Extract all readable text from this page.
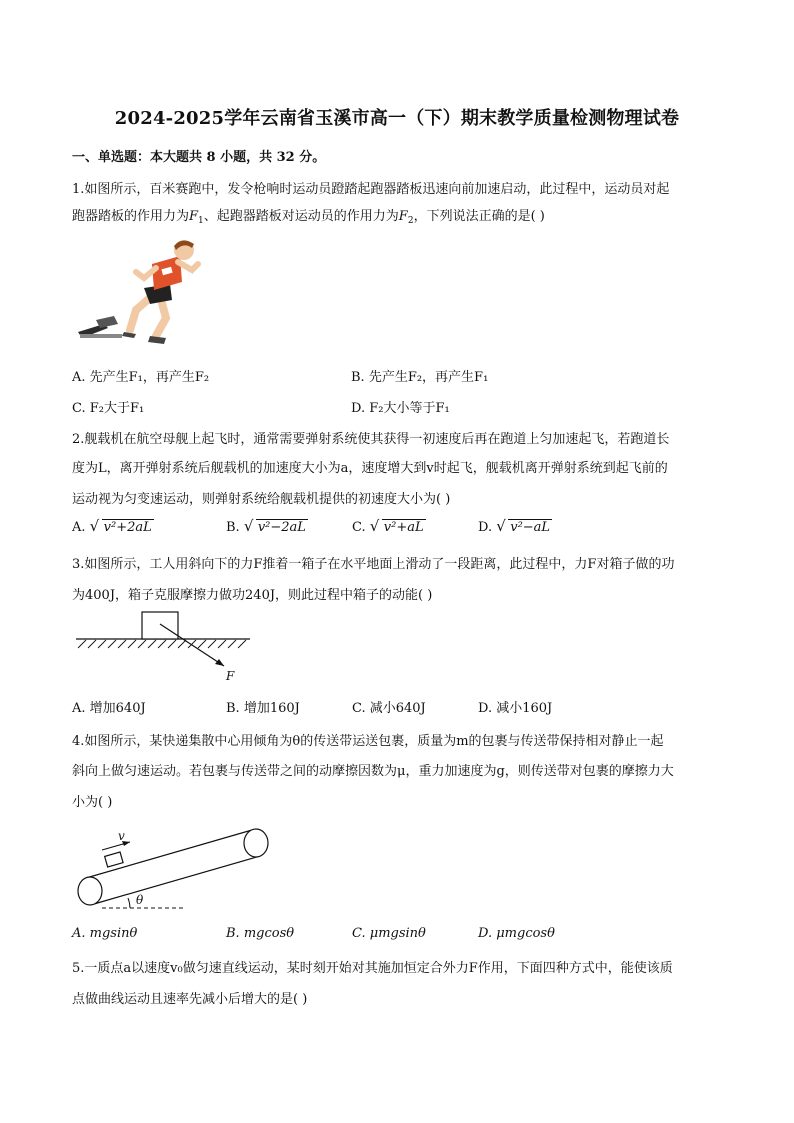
2024-2025学年云南省玉溪市高一（下）期末教学质量检测物理试卷
一、单选题：本大题共 8 小题，共 32 分。
1.如图所示，百米赛跑中，发令枪响时运动员蹬踏起跑器踏板迅速向前加速启动，此过程中，运动员对起
跑器踏板的作用力为$F_1$、起跑器踏板对运动员的作用力为$F_2$，下列说法正确的是( )
A. 先产生F₁，再产生F₂	B. 先产生F₂，再产生F₁
C. F₂大于F₁	D. F₂大小等于F₁
2.舰载机在航空母舰上起飞时，通常需要弹射系统使其获得一初速度后再在跑道上匀加速起飞，若跑道长
度为L，离开弹射系统后舰载机的加速度大小为a，速度增大到v时起飞，舰载机离开弹射系统到起飞前的
运动视为匀变速运动，则弹射系统给舰载机提供的初速度大小为( )
A. √ v²+2aL	B. √ v²−2aL	C. √ v²+aL	D. √ v²−aL
3.如图所示，工人用斜向下的力F推着一箱子在水平地面上滑动了一段距离，此过程中，力F对箱子做的功
为400J，箱子克服摩擦力做功240J，则此过程中箱子的动能( )
F
A. 增加640J	B. 增加160J	C. 减小640J	D. 减小160J
4.如图所示，某快递集散中心用倾角为θ的传送带运送包裹，质量为m的包裹与传送带保持相对静止一起
斜向上做匀速运动。若包裹与传送带之间的动摩擦因数为μ，重力加速度为g，则传送带对包裹的摩擦力大
小为( )
v
θ
A. mgsinθ	B. mgcosθ	C. μmgsinθ	D. μmgcosθ
5.一质点a以速度v₀做匀速直线运动，某时刻开始对其施加恒定合外力F作用，下面四种方式中，能使该质
点做曲线运动且速率先减小后增大的是( )
